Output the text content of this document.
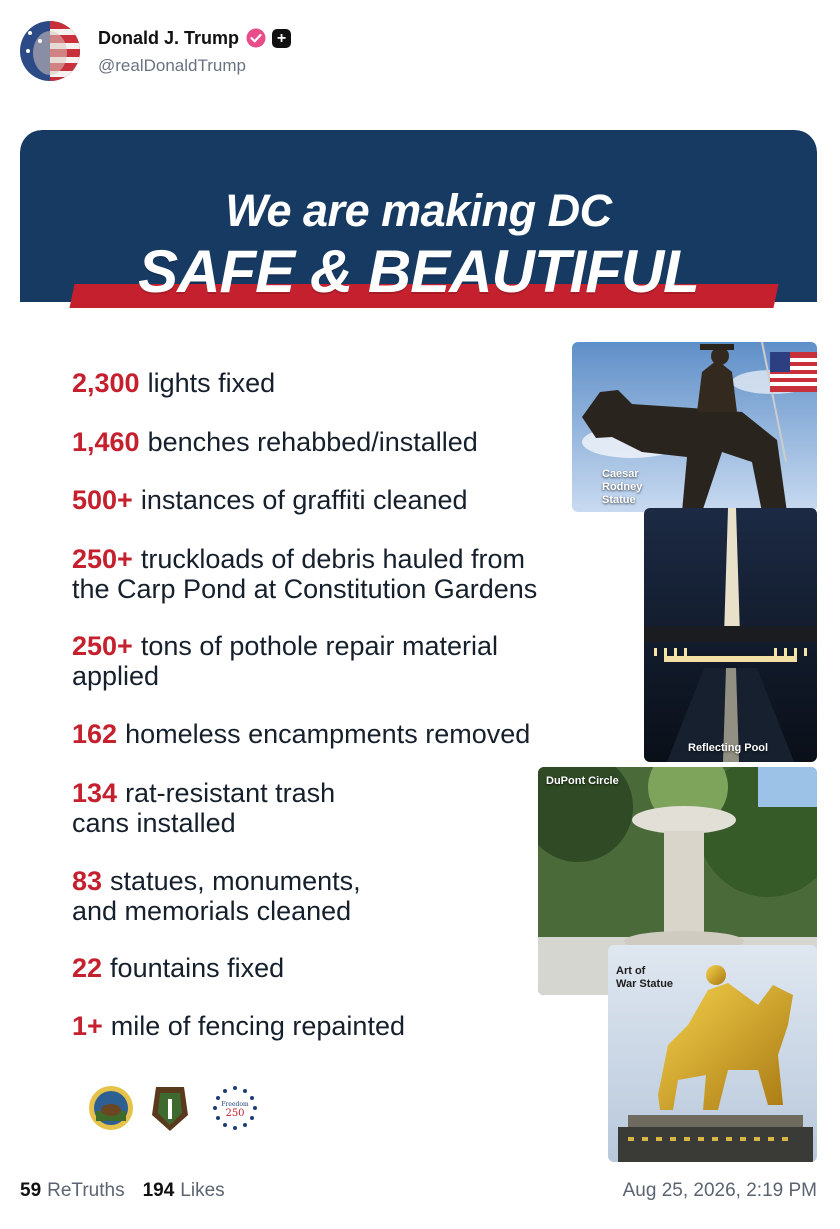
Donald J. Trump	+
@realDonaldTrump
We are making DC
SAFE & BEAUTIFUL
2,300 lights fixed
1,460 benches rehabbed/installed
500+ instances of graffiti cleaned
250+ truckloads of debris hauled from
the Carp Pond at Constitution Gardens
250+ tons of pothole repair material
applied
162 homeless encampments removed
134 rat-resistant trash
cans installed
83 statues, monuments,
and memorials cleaned
22 fountains fixed
1+ mile of fencing repainted
Caesar
Rodney
Statue
Reflecting Pool
DuPont Circle
Art of
War Statue
Freedom
250
59 ReTruths 194 Likes	Aug 25, 2026, 2:19 PM
